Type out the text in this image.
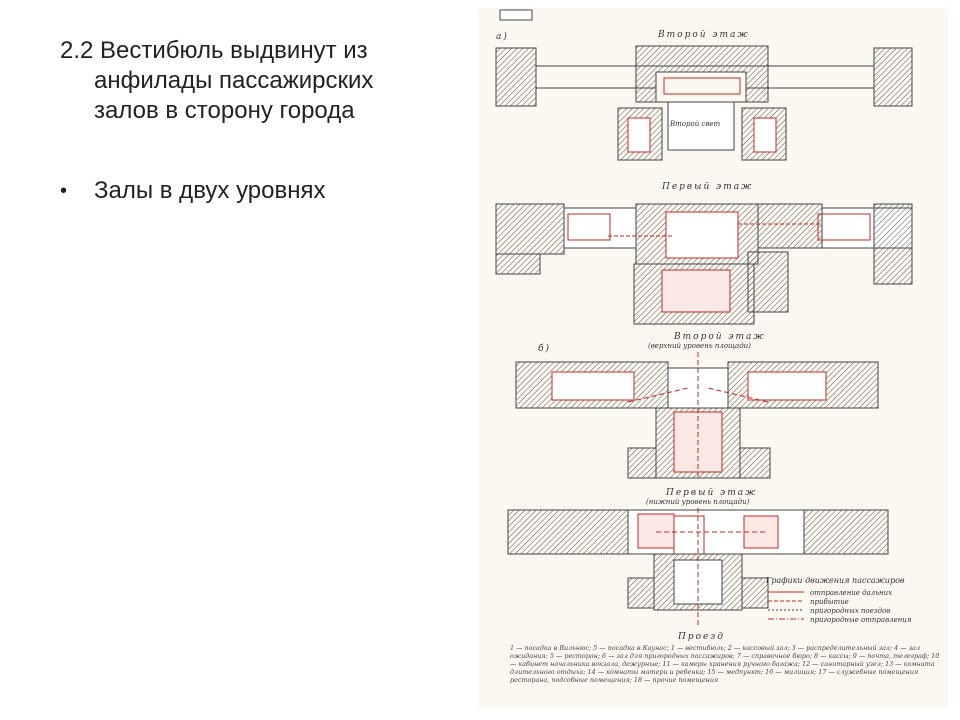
2.2 Вестибюль выдвинут из
анфилады пассажирских
залов в сторону города
•	Залы в двух уровнях
а)	Второй этаж
Второй свет
Первый этаж
б)
Второй этаж
(верхний уровень площади)
Первый этаж
(нижний уровень площади)
Проезд
Графики движения пассажиров
отправление дальних
прибытие
пригородных поездов
пригородные отправления
1 — посадка в Вильнюс; 5 — посадка в Каунас; 1 — вестибюль; 2 — кассовый зал; 3 — распределительный зал; 4 — зал ожидания; 5 — ресторан; 6 — зал для пригородных пассажиров; 7 — справочное бюро; 8 — кассы; 9 — почта, телеграф; 10 — кабинет начальника вокзала, дежурные; 11 — камеры хранения ручного багажа; 12 — санитарный узел; 13 — комната длительного отдыха; 14 — комнаты матери и ребенка; 15 — медпункт; 16 — милиция; 17 — служебные помещения ресторана, подсобные помещения; 18 — прочие помещения
